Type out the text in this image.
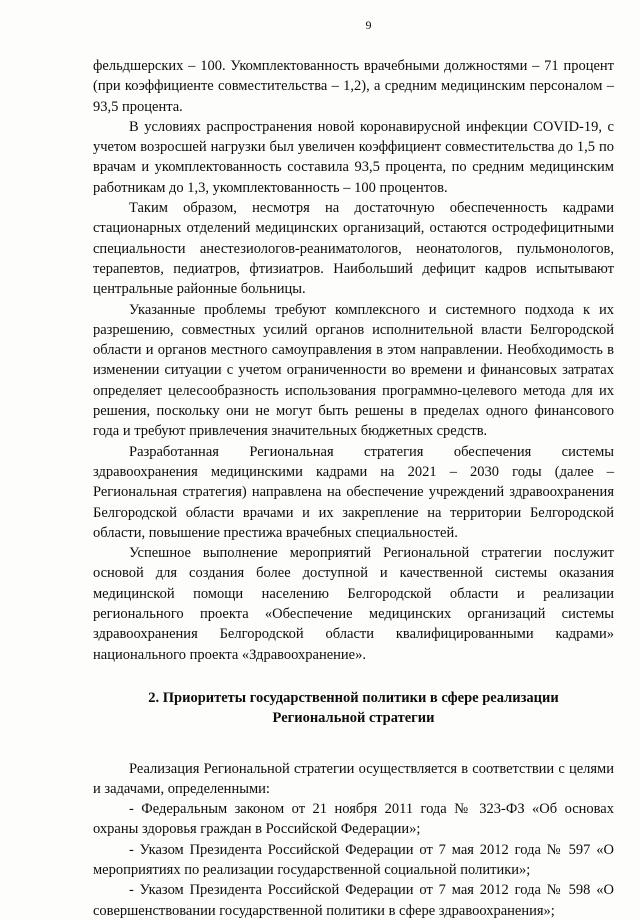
9

фельдшерских – 100. Укомплектованность врачебными должностями – 71 процент (при коэффициенте совместительства – 1,2), а средним медицинским персоналом – 93,5 процента.

В условиях распространения новой коронавирусной инфекции COVID-19, с учетом возросшей нагрузки был увеличен коэффициент совместительства до 1,5 по врачам и укомплектованность составила 93,5 процента, по средним медицинским работникам до 1,3, укомплектованность – 100 процентов.

Таким образом, несмотря на достаточную обеспеченность кадрами стационарных отделений медицинских организаций, остаются остродефицитными специальности анестезиологов-реаниматологов, неонатологов, пульмонологов, терапевтов, педиатров, фтизиатров. Наибольший дефицит кадров испытывают центральные районные больницы.

Указанные проблемы требуют комплексного и системного подхода к их разрешению, совместных усилий органов исполнительной власти Белгородской области и органов местного самоуправления в этом направлении. Необходимость в изменении ситуации с учетом ограниченности во времени и финансовых затратах определяет целесообразность использования программно-целевого метода для их решения, поскольку они не могут быть решены в пределах одного финансового года и требуют привлечения значительных бюджетных средств.

Разработанная Региональная стратегия обеспечения системы здравоохранения медицинскими кадрами на 2021 – 2030 годы (далее – Региональная стратегия) направлена на обеспечение учреждений здравоохранения Белгородской области врачами и их закрепление на территории Белгородской области, повышение престижа врачебных специальностей.

Успешное выполнение мероприятий Региональной стратегии послужит основой для создания более доступной и качественной системы оказания медицинской помощи населению Белгородской области и реализации регионального проекта «Обеспечение медицинских организаций системы здравоохранения Белгородской области квалифицированными кадрами» национального проекта «Здравоохранение».

2. Приоритеты государственной политики в сфере реализации
Региональной стратегии

Реализация Региональной стратегии осуществляется в соответствии с целями и задачами, определенными:

- Федеральным законом от 21 ноября 2011 года № 323-ФЗ «Об основах охраны здоровья граждан в Российской Федерации»;

- Указом Президента Российской Федерации от 7 мая 2012 года № 597 «О мероприятиях по реализации государственной социальной политики»;

- Указом Президента Российской Федерации от 7 мая 2012 года № 598 «О совершенствовании государственной политики в сфере здравоохранения»;
